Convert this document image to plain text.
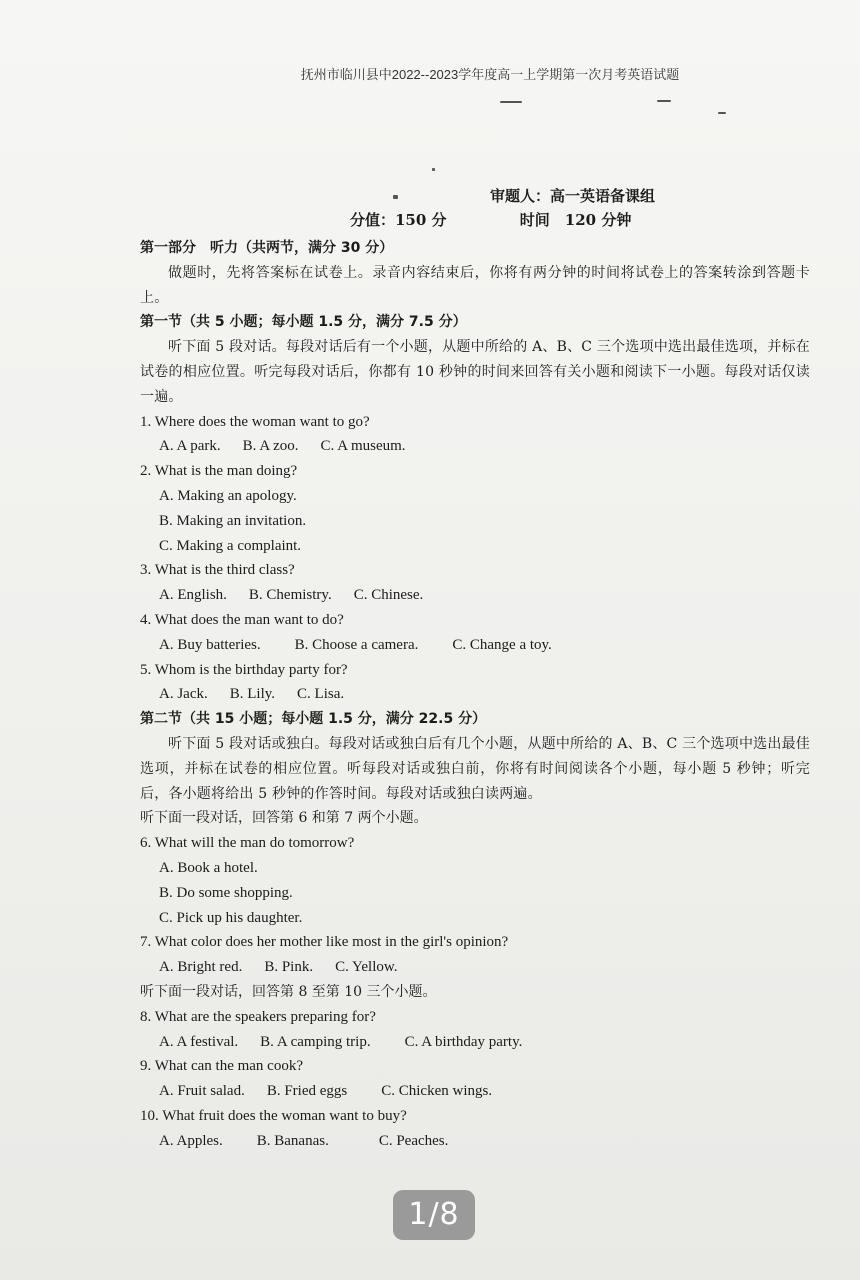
抚州市临川县中2022--2023学年度高一上学期第一次月考英语试题
审题人：高一英语备课组
分值：150 分	时间　120 分钟

第一部分　听力（共两节，满分 30 分）

做题时，先将答案标在试卷上。录音内容结束后，你将有两分钟的时间将试卷上的答案转涂到答题卡上。

第一节（共 5 小题；每小题 1.5 分，满分 7.5 分）

听下面 5 段对话。每段对话后有一个小题，从题中所给的 A、B、C 三个选项中选出最佳选项，并标在试卷的相应位置。听完每段对话后，你都有 10 秒钟的时间来回答有关小题和阅读下一小题。每段对话仅读一遍。

1. Where does the woman want to go?

A. A park. B. A zoo. C. A museum.

2. What is the man doing?

A. Making an apology.

B. Making an invitation.

C. Making a complaint.

3. What is the third class?

A. English. B. Chemistry. C. Chinese.

4. What does the man want to do?

A. Buy batteries. B. Choose a camera. C. Change a toy.

5. Whom is the birthday party for?

A. Jack. B. Lily. C. Lisa.

第二节（共 15 小题；每小题 1.5 分，满分 22.5 分）

听下面 5 段对话或独白。每段对话或独白后有几个小题，从题中所给的 A、B、C 三个选项中选出最佳选项，并标在试卷的相应位置。听每段对话或独白前，你将有时间阅读各个小题，每小题 5 秒钟；听完后，各小题将给出 5 秒钟的作答时间。每段对话或独白读两遍。

听下面一段对话，回答第 6 和第 7 两个小题。

6. What will the man do tomorrow?

A. Book a hotel.

B. Do some shopping.

C. Pick up his daughter.

7. What color does her mother like most in the girl's opinion?

A. Bright red. B. Pink. C. Yellow.

听下面一段对话，回答第 8 至第 10 三个小题。

8. What are the speakers preparing for?

A. A festival. B. A camping trip. C. A birthday party.

9. What can the man cook?

A. Fruit salad. B. Fried eggs C. Chicken wings.

10. What fruit does the woman want to buy?

A. Apples. B. Bananas.	C. Peaches.

1/8
